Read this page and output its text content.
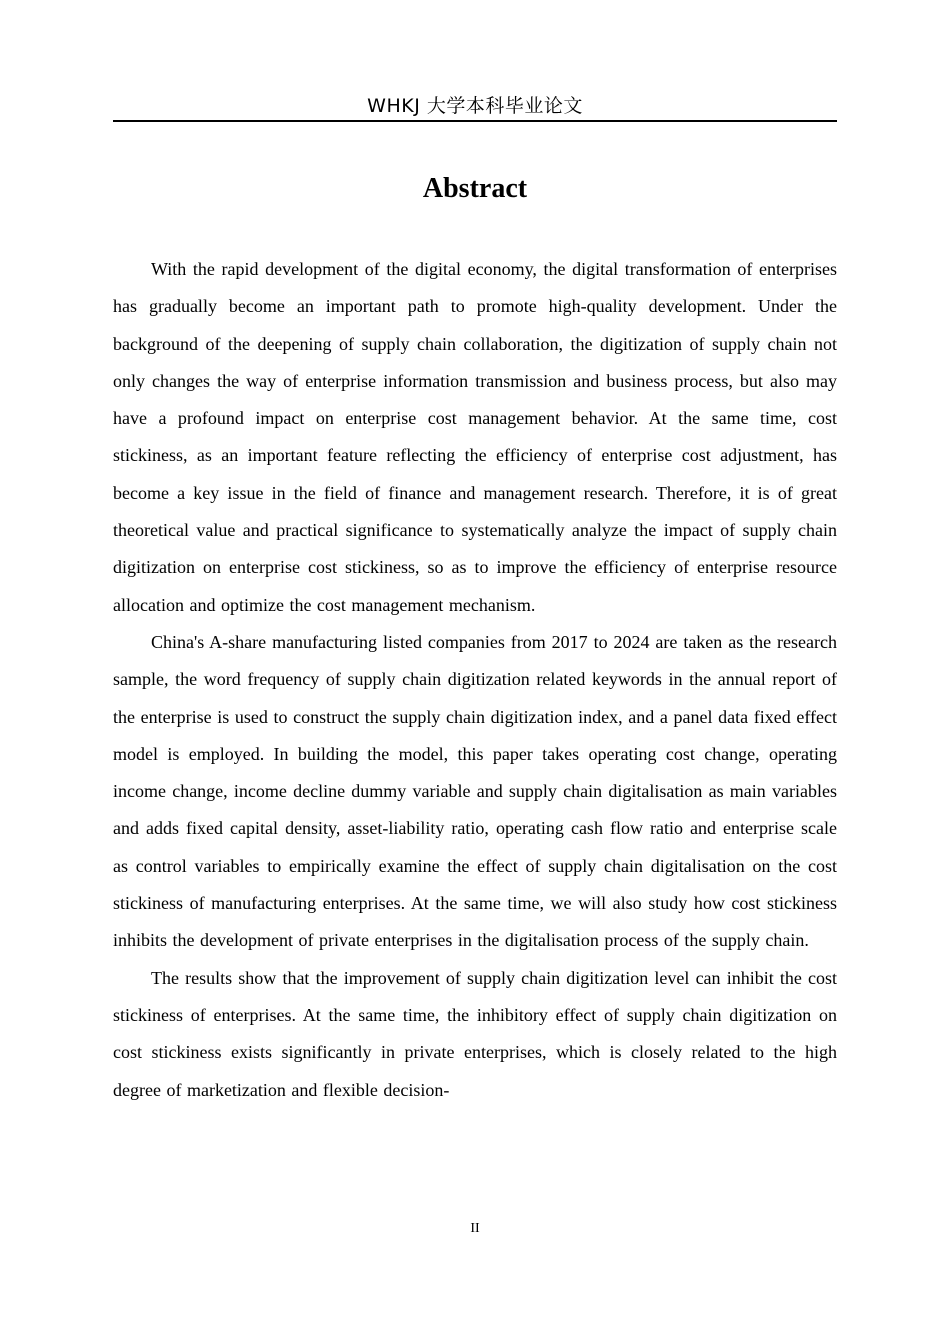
WHKJ 大学本科毕业论文
Abstract

With the rapid development of the digital economy, the digital transformation of enterprises has gradually become an important path to promote high-quality development. Under the background of the deepening of supply chain collaboration, the digitization of supply chain not only changes the way of enterprise information transmission and business process, but also may have a profound impact on enterprise cost management behavior. At the same time, cost stickiness, as an important feature reflecting the efficiency of enterprise cost adjustment, has become a key issue in the field of finance and management research. Therefore, it is of great theoretical value and practical significance to systematically analyze the impact of supply chain digitization on enterprise cost stickiness, so as to improve the efficiency of enterprise resource allocation and optimize the cost management mechanism.

China's A-share manufacturing listed companies from 2017 to 2024 are taken as the research sample, the word frequency of supply chain digitization related keywords in the annual report of the enterprise is used to construct the supply chain digitization index, and a panel data fixed effect model is employed. In building the model, this paper takes operating cost change, operating income change, income decline dummy variable and supply chain digitalisation as main variables and adds fixed capital density, asset-liability ratio, operating cash flow ratio and enterprise scale as control variables to empirically examine the effect of supply chain digitalisation on the cost stickiness of manufacturing enterprises. At the same time, we will also study how cost stickiness inhibits the development of private enterprises in the digitalisation process of the supply chain.

The results show that the improvement of supply chain digitization level can inhibit the cost stickiness of enterprises. At the same time, the inhibitory effect of supply chain digitization on cost stickiness exists significantly in private enterprises, which is closely related to the high degree of marketization and flexible decision-

II
